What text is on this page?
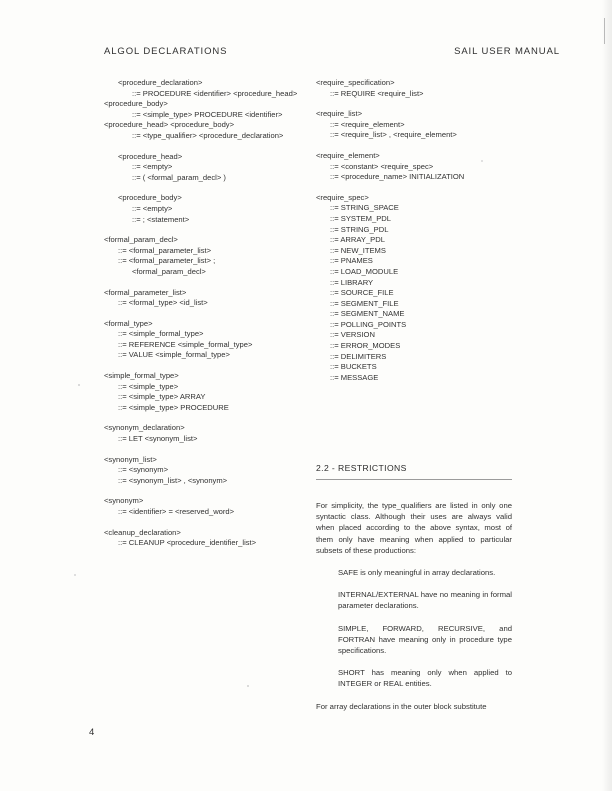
ALGOL DECLARATIONS	SAIL USER MANUAL
<procedure_declaration>
::= PROCEDURE <identifier> <procedure_head>
<procedure_body>
::= <simple_type> PROCEDURE <identifier>
<procedure_head> <procedure_body>
::= <type_qualifier> <procedure_declaration>
<procedure_head>
::= <empty>
::= ( <formal_param_decl> )
<procedure_body>
::= <empty>
::= ; <statement>
<formal_param_decl>
::= <formal_parameter_list>
::= <formal_parameter_list> ;
<formal_param_decl>
<formal_parameter_list>
::= <formal_type> <id_list>
<formal_type>
::= <simple_formal_type>
::= REFERENCE <simple_formal_type>
::= VALUE <simple_formal_type>
<simple_formal_type>
::= <simple_type>
::= <simple_type> ARRAY
::= <simple_type> PROCEDURE
<synonym_declaration>
::= LET <synonym_list>
<synonym_list>
::= <synonym>
::= <synonym_list> , <synonym>
<synonym>
::= <identifier> = <reserved_word>
<cleanup_declaration>
::= CLEANUP <procedure_identifier_list>
<require_specification>
::= REQUIRE <require_list>
<require_list>
::= <require_element>
::= <require_list> , <require_element>
<require_element>
::= <constant> <require_spec>
::= <procedure_name> INITIALIZATION
<require_spec>
::= STRING_SPACE
::= SYSTEM_PDL
::= STRING_PDL
::= ARRAY_PDL
::= NEW_ITEMS
::= PNAMES
::= LOAD_MODULE
::= LIBRARY
::= SOURCE_FILE
::= SEGMENT_FILE
::= SEGMENT_NAME
::= POLLING_POINTS
::= VERSION
::= ERROR_MODES
::= DELIMITERS
::= BUCKETS
::= MESSAGE
2.2 - RESTRICTIONS

For simplicity, the type_qualifiers are listed in only one syntactic class. Although their uses are always valid when placed according to the above syntax, most of them only have meaning when applied to particular subsets of these productions:

SAFE is only meaningful in array declarations.

INTERNAL/EXTERNAL have no meaning in formal parameter declarations.

SIMPLE, FORWARD, RECURSIVE, and FORTRAN have meaning only in procedure type specifications.

SHORT has meaning only when applied to INTEGER or REAL entities.

For array declarations in the outer block substitute

4
